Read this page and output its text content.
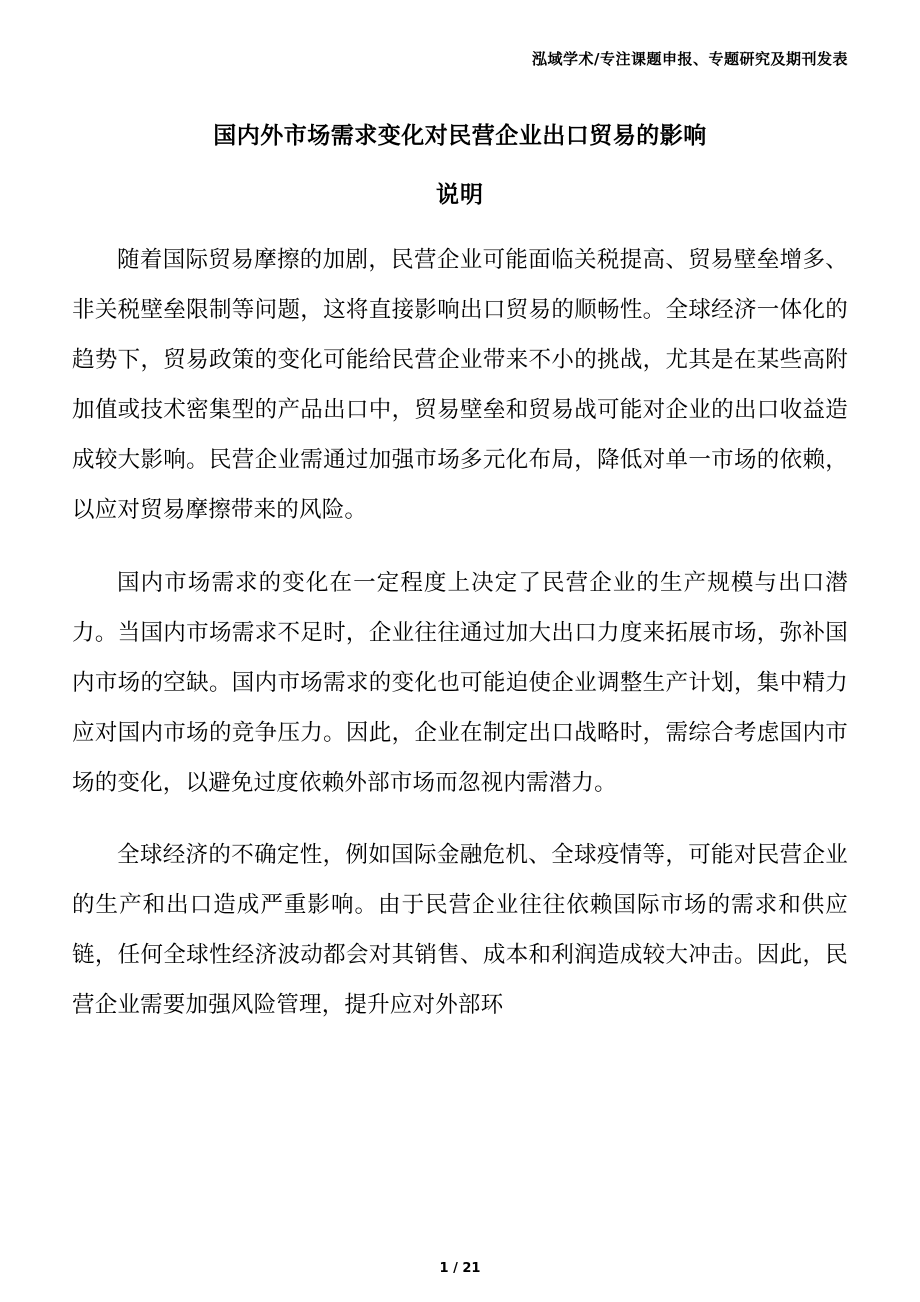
泓域学术/专注课题申报、专题研究及期刊发表
国内外市场需求变化对民营企业出口贸易的影响
说明

随着国际贸易摩擦的加剧，民营企业可能面临关税提高、贸易壁垒增多、非关税壁垒限制等问题，这将直接影响出口贸易的顺畅性。全球经济一体化的趋势下，贸易政策的变化可能给民营企业带来不小的挑战，尤其是在某些高附加值或技术密集型的产品出口中，贸易壁垒和贸易战可能对企业的出口收益造成较大影响。民营企业需通过加强市场多元化布局，降低对单一市场的依赖，以应对贸易摩擦带来的风险。

国内市场需求的变化在一定程度上决定了民营企业的生产规模与出口潜力。当国内市场需求不足时，企业往往通过加大出口力度来拓展市场，弥补国内市场的空缺。国内市场需求的变化也可能迫使企业调整生产计划，集中精力应对国内市场的竞争压力。因此，企业在制定出口战略时，需综合考虑国内市场的变化，以避免过度依赖外部市场而忽视内需潜力。

全球经济的不确定性，例如国际金融危机、全球疫情等，可能对民营企业的生产和出口造成严重影响。由于民营企业往往依赖国际市场的需求和供应链，任何全球性经济波动都会对其销售、成本和利润造成较大冲击。因此，民营企业需要加强风险管理，提升应对外部环

1 / 21
